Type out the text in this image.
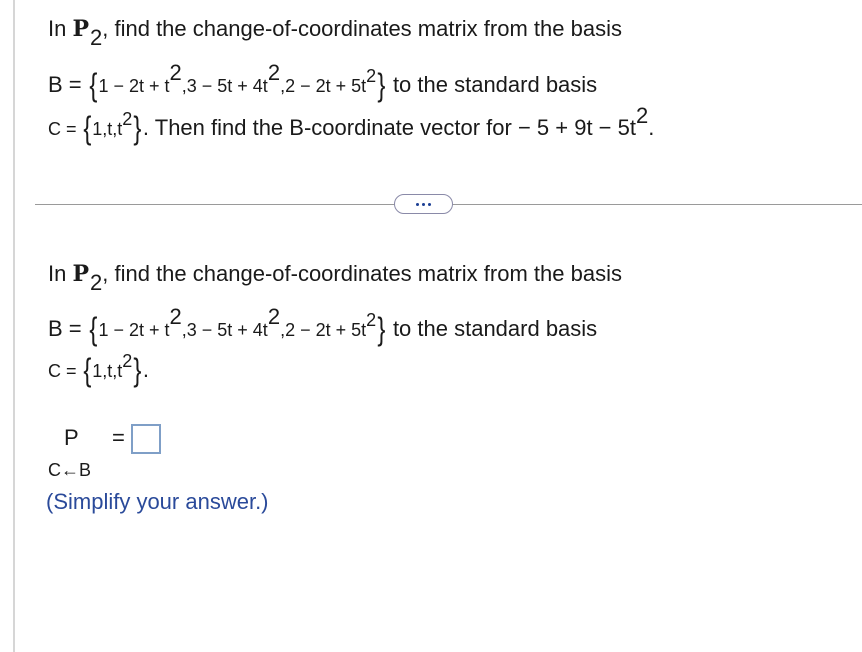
In $P_2$, find the change-of-coordinates matrix from the basis
$B = \{1 - 2t + t^2,3 - 5t + 4t^2,2 - 2t + 5t^2\}$ to the standard basis
$C = \{1,t,t^2\}$. Then find the B-coordinate vector for − $5 + 9t - 5t^2$.
In $P_2$, find the change-of-coordinates matrix from the basis
$B = \{1 - 2t + t^2,3 - 5t + 4t^2,2 - 2t + 5t^2\}$ to the standard basis
$C = \{1,t,t^2\}$.
P =
C←B
(Simplify your answer.)
